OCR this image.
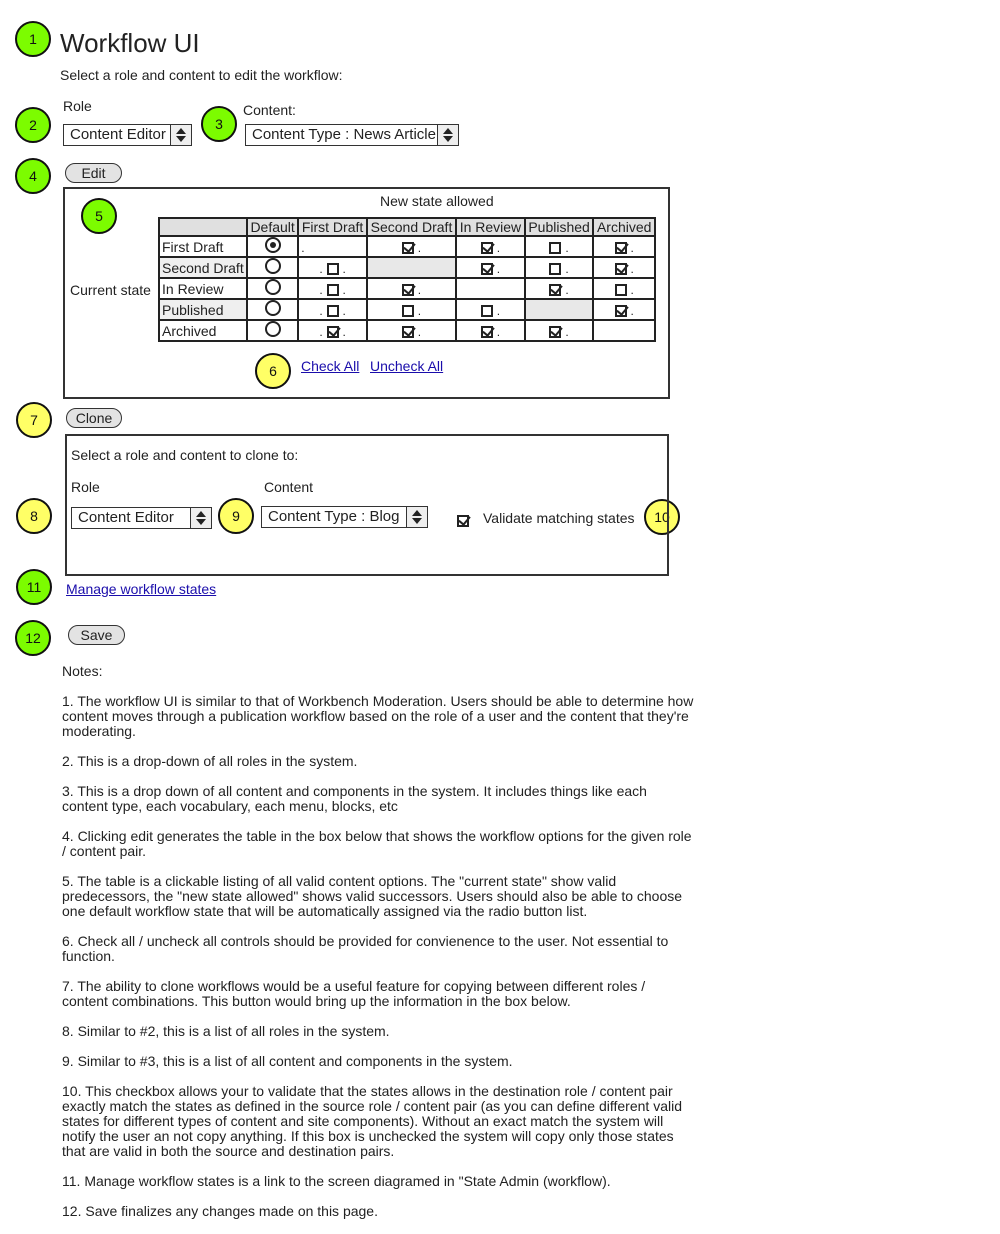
1
2	3
4
5
6
7
8	9	10
11
12
Workflow UI
Select a role and content to edit the workflow:
Role
Content Editor
Content:
Content Type : News Article
Edit
New state allowed
Current state
	Default	First Draft	Second Draft	In Review	Published	Archived
First Draft		.	.	.	.	.
Second Draft		. .		.	.	.
In Review		. .	.		.	.
Published		. .	.	.		.
Archived		. .	.	.	.	
Check All Uncheck All
Clone
Select a role and content to clone to:
Role
Content Editor
Content
Content Type : Blog	Validate matching states
Manage workflow states
Save

Notes:

1. The workflow UI is similar to that of Workbench Moderation. Users should be able to determine how content moves through a publication workflow based on the role of a user and the content that they're moderating.

2. This is a drop-down of all roles in the system.

3. This is a drop down of all content and components in the system. It includes things like each content type, each vocabulary, each menu, blocks, etc

4. Clicking edit generates the table in the box below that shows the workflow options for the given role / content pair.

5. The table is a clickable listing of all valid content options. The "current state" show valid predecessors, the "new state allowed" shows valid successors. Users should also be able to choose one default workflow state that will be automatically assigned via the radio button list.

6. Check all / uncheck all controls should be provided for convienence to the user. Not essential to function.

7. The ability to clone workflows would be a useful feature for copying between different roles / content combinations. This button would bring up the information in the box below.

8. Similar to #2, this is a list of all roles in the system.

9. Similar to #3, this is a list of all content and components in the system.

10. This checkbox allows your to validate that the states allows in the destination role / content pair exactly match the states as defined in the source role / content pair (as you can define different valid states for different types of content and site components). Without an exact match the system will notify the user an not copy anything. If this box is unchecked the system will copy only those states that are valid in both the source and destination pairs.

11. Manage workflow states is a link to the screen diagramed in "State Admin (workflow).

12. Save finalizes any changes made on this page.
